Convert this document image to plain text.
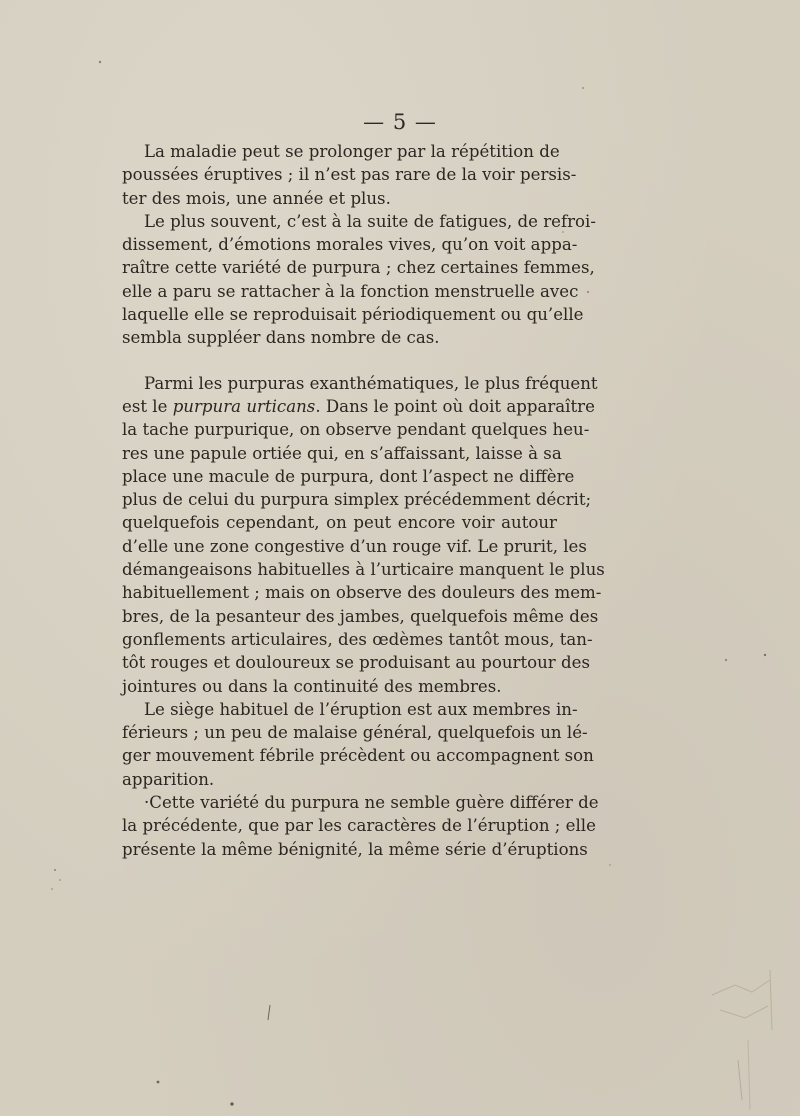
— 5 —
La maladie peut se prolonger par la répétition de
poussées éruptives ; il n’est pas rare de la voir persis-
ter des mois, une année et plus.
Le plus souvent, c’est à la suite de fatigues, de refroi-
dissement, d’émotions morales vives, qu’on voit appa-
raître cette variété de purpura ; chez certaines femmes,
elle a paru se rattacher à la fonction menstruelle avec
laquelle elle se reproduisait périodiquement ou qu’elle
sembla suppléer dans nombre de cas.
Parmi les purpuras exanthématiques, le plus fréquent
est le purpura urticans. Dans le point où doit apparaître
la tache purpurique, on observe pendant quelques heu-
res une papule ortiée qui, en s’affaissant, laisse à sa
place une macule de purpura, dont l’aspect ne diffère
plus de celui du purpura simplex précédemment décrit;
quelquefois cependant, on peut encore voir autour
d’elle une zone congestive d’un rouge vif. Le prurit, les
démangeaisons habituelles à l’urticaire manquent le plus
habituellement ; mais on observe des douleurs des mem-
bres, de la pesanteur des jambes, quelquefois même des
gonflements articulaires, des œdèmes tantôt mous, tan-
tôt rouges et douloureux se produisant au pourtour des
jointures ou dans la continuité des membres.
Le siège habituel de l’éruption est aux membres in-
férieurs ; un peu de malaise général, quelquefois un lé-
ger mouvement fébrile précèdent ou accompagnent son
apparition.
·Cette variété du purpura ne semble guère différer de
la précédente, que par les caractères de l’éruption ; elle
présente la même bénignité, la même série d’éruptions
